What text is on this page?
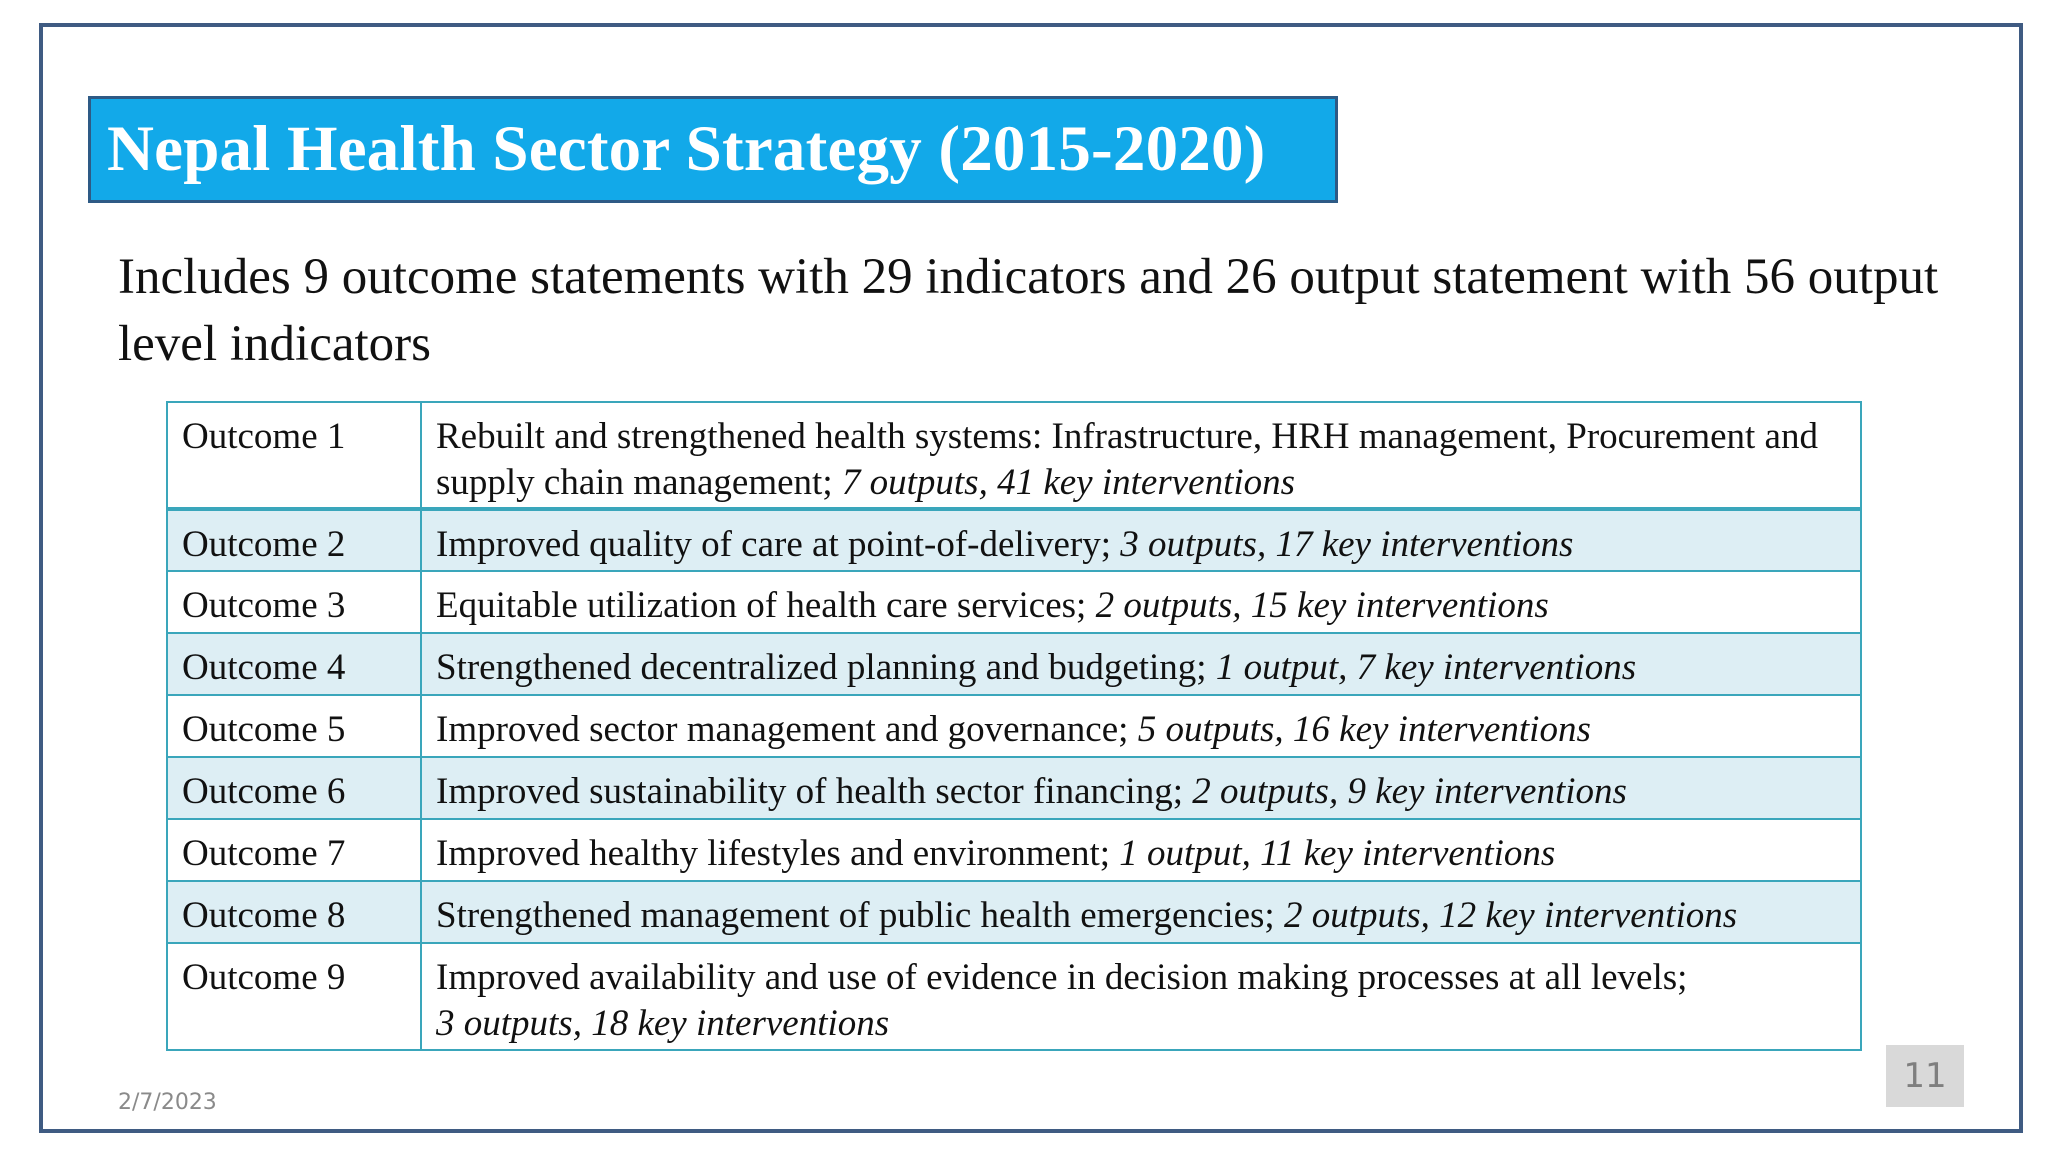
Nepal Health Sector Strategy (2015-2020)
Includes 9 outcome statements with 29 indicators and 26 output statement with 56 output level indicators
Outcome 1	Rebuilt and strengthened health systems: Infrastructure, HRH management, Procurement and supply chain management; 7 outputs, 41 key interventions
Outcome 2	Improved quality of care at point-of-delivery; 3 outputs, 17 key interventions
Outcome 3	Equitable utilization of health care services; 2 outputs, 15 key interventions
Outcome 4	Strengthened decentralized planning and budgeting; 1 output, 7 key interventions
Outcome 5	Improved sector management and governance; 5 outputs, 16 key interventions
Outcome 6	Improved sustainability of health sector financing; 2 outputs, 9 key interventions
Outcome 7	Improved healthy lifestyles and environment; 1 output, 11 key interventions
Outcome 8	Strengthened management of public health emergencies; 2 outputs, 12 key interventions
Outcome 9	Improved availability and use of evidence in decision making processes at all levels;
3 outputs, 18 key interventions
2/7/2023
11
